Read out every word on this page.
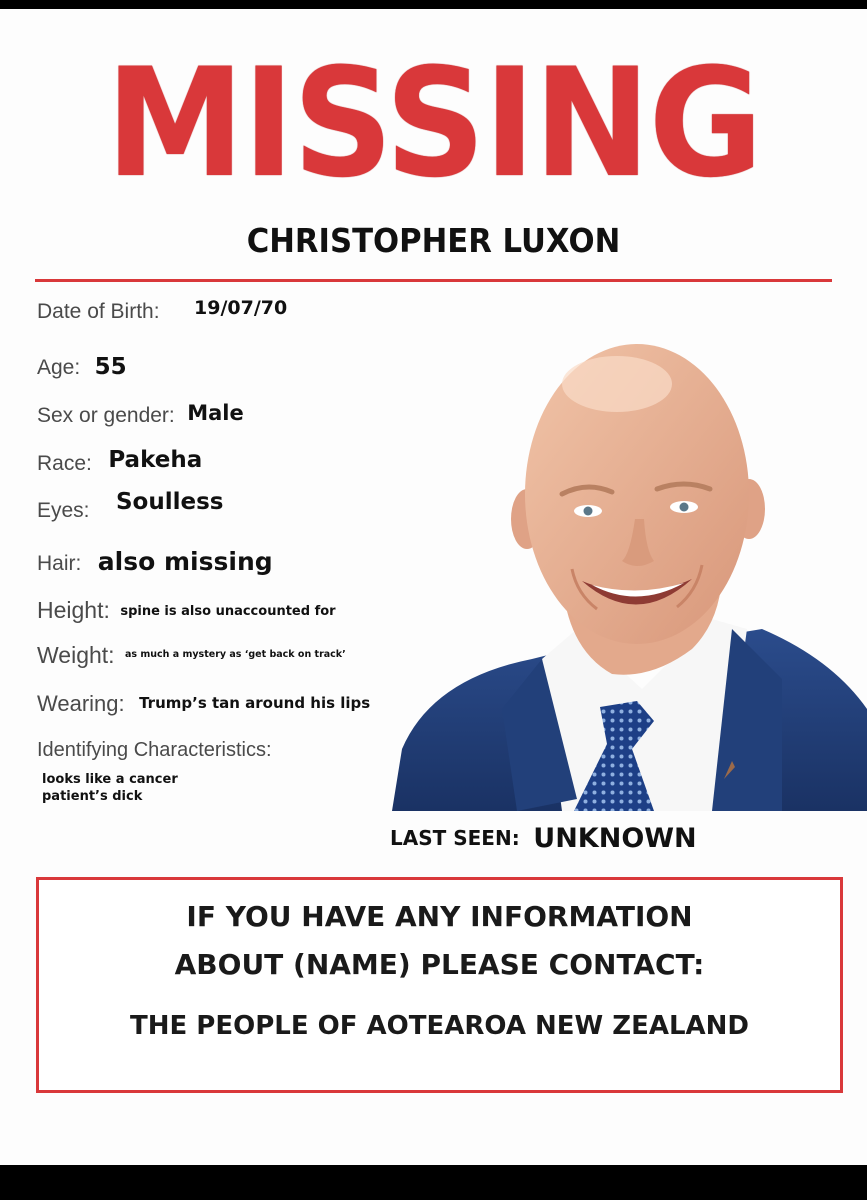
MISSING
CHRISTOPHER LUXON
Date of Birth: 19/07/70
Age: 55
Sex or gender: Male
Race: Pakeha
Eyes: Soulless
Hair: also missing
Height: spine is also unaccounted for
Weight: $^{as much a mystery as ‘get back on track’}$
Wearing: Trump’s tan around his lips
Identifying Characteristics:
looks like a cancer
patient’s dick
LAST SEEN: UNKNOWN
IF YOU HAVE ANY INFORMATION
ABOUT (NAME) PLEASE CONTACT:
THE PEOPLE OF AOTEAROA NEW ZEALAND
